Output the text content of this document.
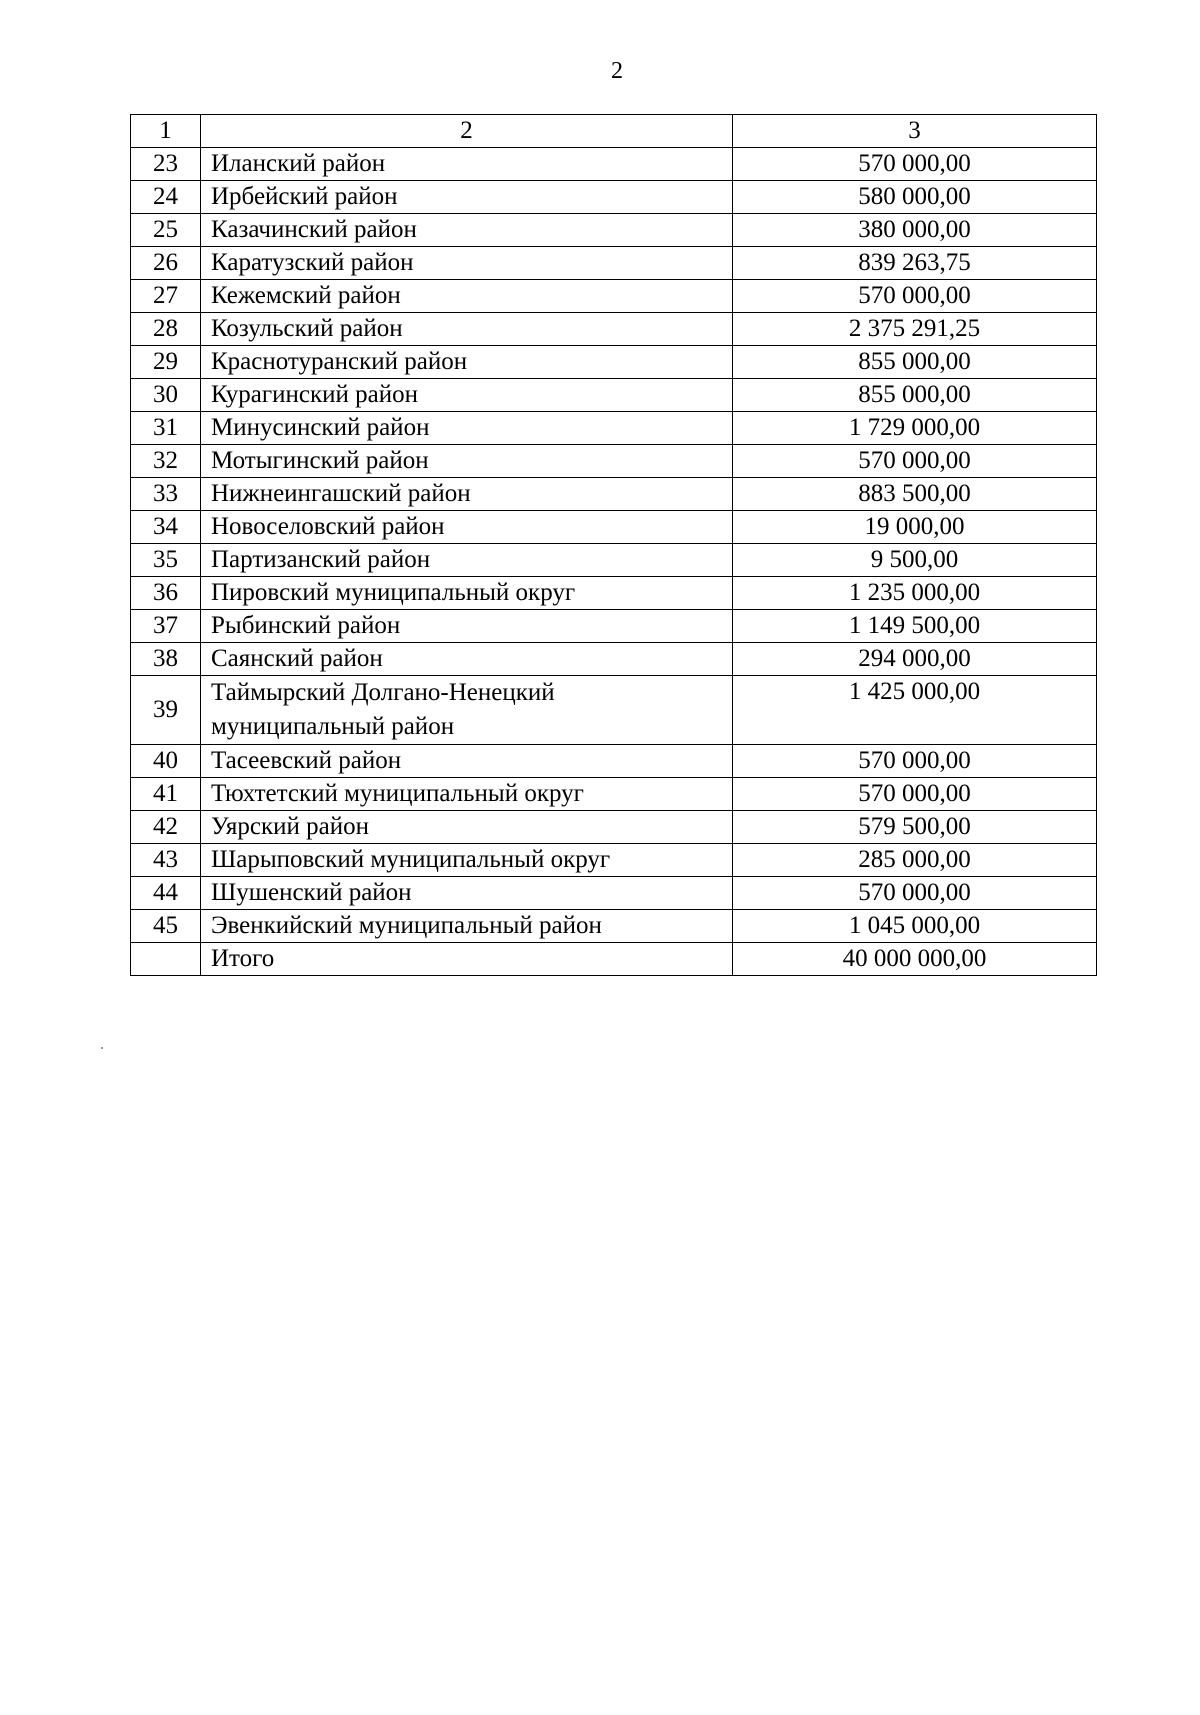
2
1	2	3
23	Иланский район	570 000,00
24	Ирбейский район	580 000,00
25	Казачинский район	380 000,00
26	Каратузский район	839 263,75
27	Кежемский район	570 000,00
28	Козульский район	2 375 291,25
29	Краснотуранский район	855 000,00
30	Курагинский район	855 000,00
31	Минусинский район	1 729 000,00
32	Мотыгинский район	570 000,00
33	Нижнеингашский район	883 500,00
34	Новоселовский район	19 000,00
35	Партизанский район	9 500,00
36	Пировский муниципальный округ	1 235 000,00
37	Рыбинский район	1 149 500,00
38	Саянский район	294 000,00
39	Таймырский Долгано-Ненецкий муниципальный район	1 425 000,00
40	Тасеевский район	570 000,00
41	Тюхтетский муниципальный округ	570 000,00
42	Уярский район	579 500,00
43	Шарыповский муниципальный округ	285 000,00
44	Шушенский район	570 000,00
45	Эвенкийский муниципальный район	1 045 000,00
	Итого	40 000 000,00
